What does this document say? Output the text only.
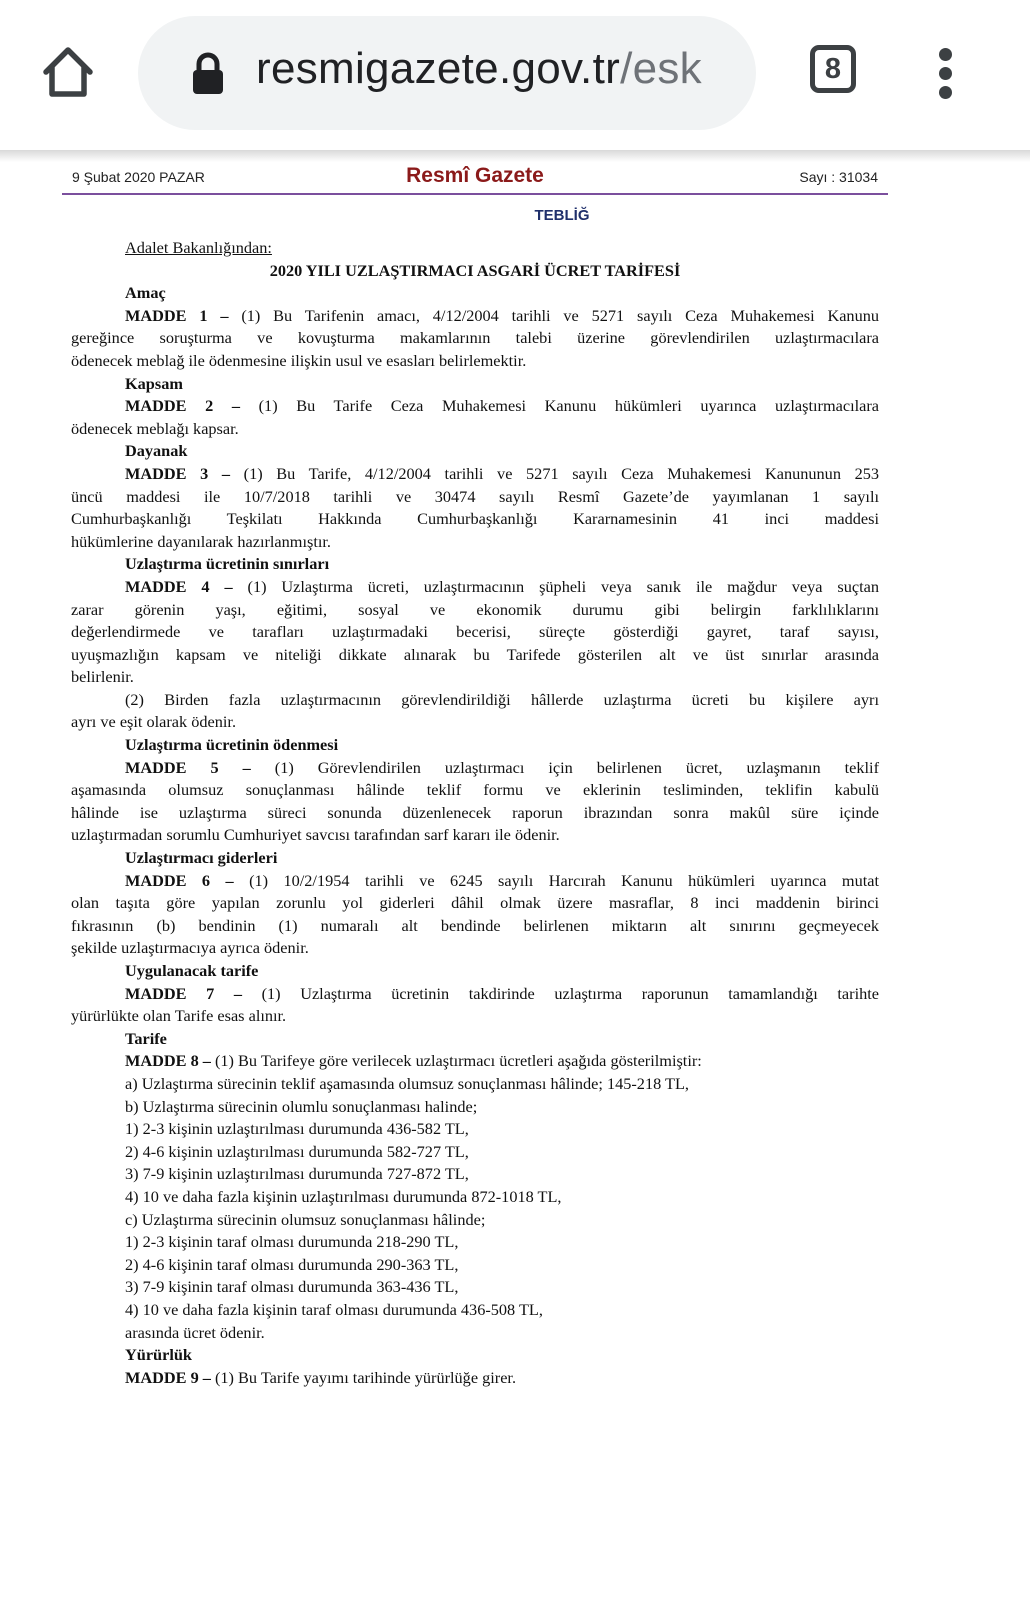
resmigazete.gov.tr/esk	8
9 Şubat 2020 PAZAR	Resmî Gazete	Sayı : 31034
TEBLİĞ
Adalet Bakanlığından:
2020 YILI UZLAŞTIRMACI ASGARİ ÜCRET TARİFESİ
Amaç
MADDE 1 – (1) Bu Tarifenin amacı, 4/12/2004 tarihli ve 5271 sayılı Ceza Muhakemesi Kanunu
gereğince soruşturma ve kovuşturma makamlarının talebi üzerine görevlendirilen uzlaştırmacılara
ödenecek meblağ ile ödenmesine ilişkin usul ve esasları belirlemektir.
Kapsam
MADDE 2 – (1) Bu Tarife Ceza Muhakemesi Kanunu hükümleri uyarınca uzlaştırmacılara
ödenecek meblağı kapsar.
Dayanak
MADDE 3 – (1) Bu Tarife, 4/12/2004 tarihli ve 5271 sayılı Ceza Muhakemesi Kanununun 253
üncü maddesi ile 10/7/2018 tarihli ve 30474 sayılı Resmî Gazete’de yayımlanan 1 sayılı
Cumhurbaşkanlığı Teşkilatı Hakkında Cumhurbaşkanlığı Kararnamesinin 41 inci maddesi
hükümlerine dayanılarak hazırlanmıştır.
Uzlaştırma ücretinin sınırları
MADDE 4 – (1) Uzlaştırma ücreti, uzlaştırmacının şüpheli veya sanık ile mağdur veya suçtan
zarar görenin yaşı, eğitimi, sosyal ve ekonomik durumu gibi belirgin farklılıklarını
değerlendirmede ve tarafları uzlaştırmadaki becerisi, süreçte gösterdiği gayret, taraf sayısı,
uyuşmazlığın kapsam ve niteliği dikkate alınarak bu Tarifede gösterilen alt ve üst sınırlar arasında
belirlenir.
(2) Birden fazla uzlaştırmacının görevlendirildiği hâllerde uzlaştırma ücreti bu kişilere ayrı
ayrı ve eşit olarak ödenir.
Uzlaştırma ücretinin ödenmesi
MADDE 5 – (1) Görevlendirilen uzlaştırmacı için belirlenen ücret, uzlaşmanın teklif
aşamasında olumsuz sonuçlanması hâlinde teklif formu ve eklerinin tesliminden, teklifin kabulü
hâlinde ise uzlaştırma süreci sonunda düzenlenecek raporun ibrazından sonra makûl süre içinde
uzlaştırmadan sorumlu Cumhuriyet savcısı tarafından sarf kararı ile ödenir.
Uzlaştırmacı giderleri
MADDE 6 – (1) 10/2/1954 tarihli ve 6245 sayılı Harcırah Kanunu hükümleri uyarınca mutat
olan taşıta göre yapılan zorunlu yol giderleri dâhil olmak üzere masraflar, 8 inci maddenin birinci
fıkrasının (b) bendinin (1) numaralı alt bendinde belirlenen miktarın alt sınırını geçmeyecek
şekilde uzlaştırmacıya ayrıca ödenir.
Uygulanacak tarife
MADDE 7 – (1) Uzlaştırma ücretinin takdirinde uzlaştırma raporunun tamamlandığı tarihte
yürürlükte olan Tarife esas alınır.
Tarife
MADDE 8 – (1) Bu Tarifeye göre verilecek uzlaştırmacı ücretleri aşağıda gösterilmiştir:
a) Uzlaştırma sürecinin teklif aşamasında olumsuz sonuçlanması hâlinde; 145-218 TL,
b) Uzlaştırma sürecinin olumlu sonuçlanması halinde;
1) 2-3 kişinin uzlaştırılması durumunda 436-582 TL,
2) 4-6 kişinin uzlaştırılması durumunda 582-727 TL,
3) 7-9 kişinin uzlaştırılması durumunda 727-872 TL,
4) 10 ve daha fazla kişinin uzlaştırılması durumunda 872-1018 TL,
c) Uzlaştırma sürecinin olumsuz sonuçlanması hâlinde;
1) 2-3 kişinin taraf olması durumunda 218-290 TL,
2) 4-6 kişinin taraf olması durumunda 290-363 TL,
3) 7-9 kişinin taraf olması durumunda 363-436 TL,
4) 10 ve daha fazla kişinin taraf olması durumunda 436-508 TL,
arasında ücret ödenir.
Yürürlük
MADDE 9 – (1) Bu Tarife yayımı tarihinde yürürlüğe girer.
